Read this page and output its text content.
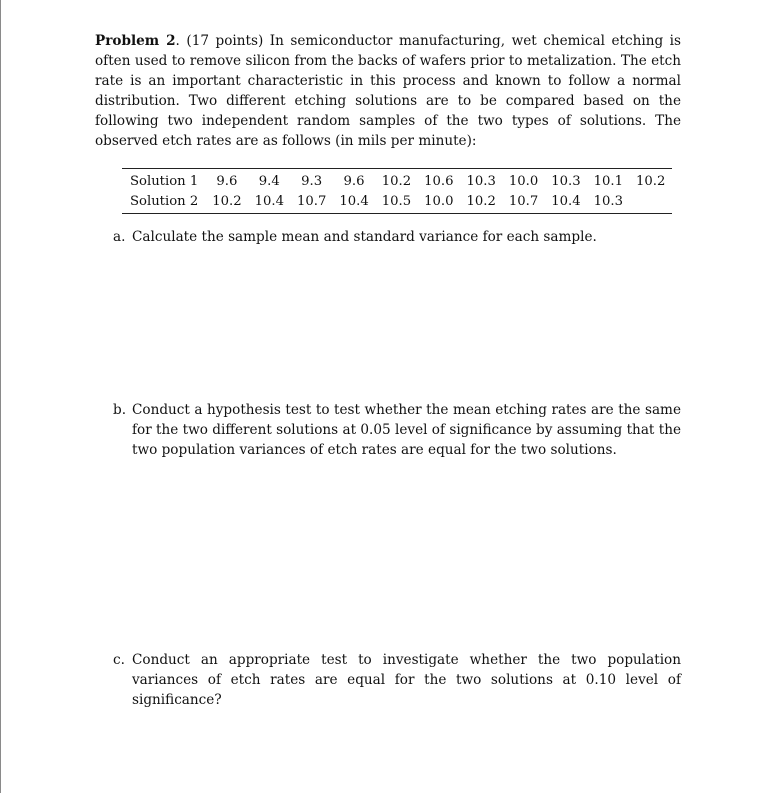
Problem 2. (17 points) In semiconductor manufacturing, wet chemical etching is often used to remove silicon from the backs of wafers prior to metalization. The etch rate is an important characteristic in this process and known to follow a normal distribution. Two different etching solutions are to be compared based on the following two independent random samples of the two types of solutions. The observed etch rates are as follows (in mils per minute):
Solution 1	9.6	9.4	9.3	9.6	10.2	10.6	10.3	10.0	10.3	10.1	10.2
Solution 2	10.2	10.4	10.7	10.4	10.5	10.0	10.2	10.7	10.4	10.3	
a. Calculate the sample mean and standard variance for each sample.
b. Conduct a hypothesis test to test whether the mean etching rates are the same for the two different solutions at 0.05 level of significance by assuming that the two population variances of etch rates are equal for the two solutions.
c. Conduct an appropriate test to investigate whether the two population variances of etch rates are equal for the two solutions at 0.10 level of significance?
